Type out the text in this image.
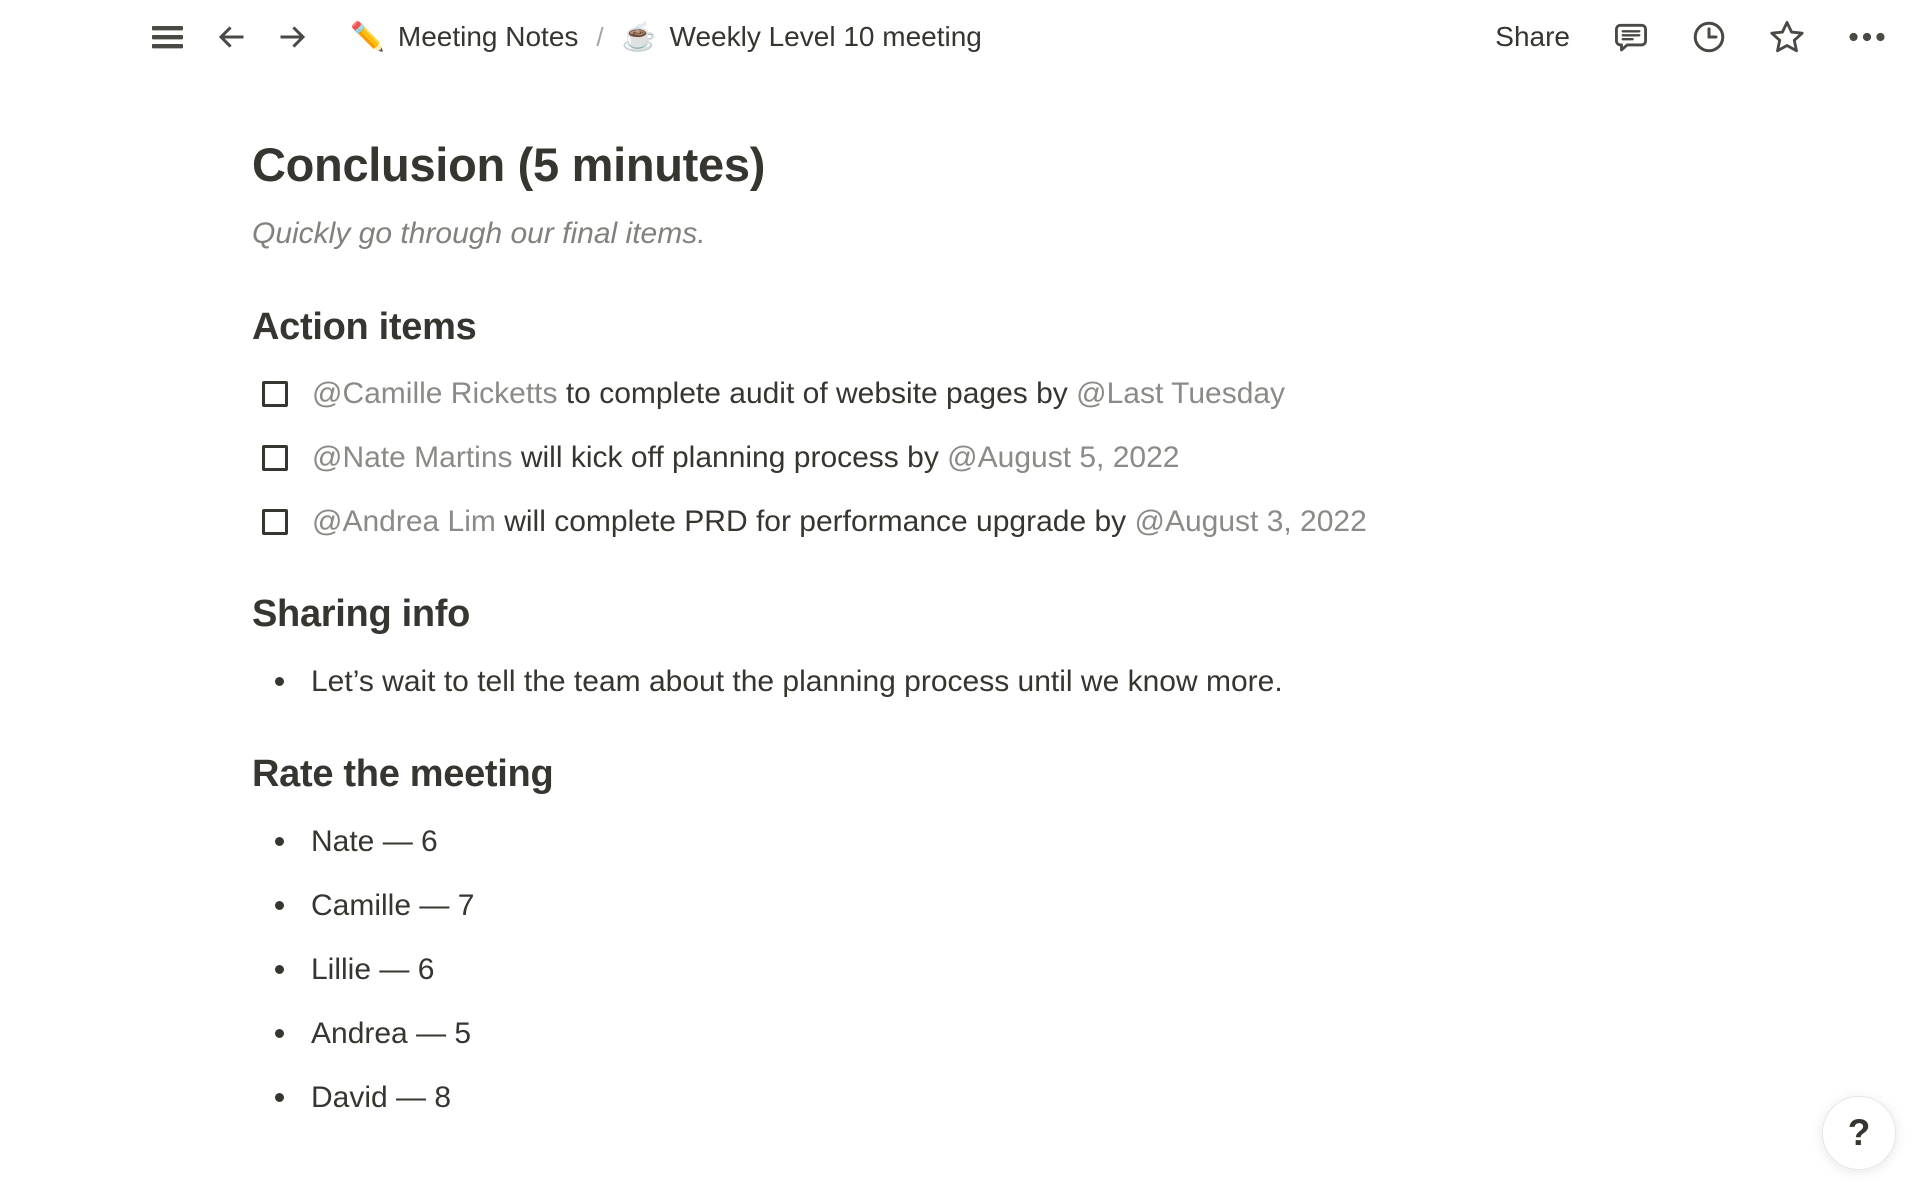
✏️ Meeting Notes / ☕ Weekly Level 10 meeting	Share
Conclusion (5 minutes)

Quickly go through our final items.

Action items
@Camille Ricketts to complete audit of website pages by @Last Tuesday
@Nate Martins will kick off planning process by @August 5, 2022
@Andrea Lim will complete PRD for performance upgrade by @August 3, 2022
Sharing info
Let’s wait to tell the team about the planning process until we know more.
Rate the meeting
Nate — 6
Camille — 7
Lillie — 6
Andrea — 5
David — 8
?
